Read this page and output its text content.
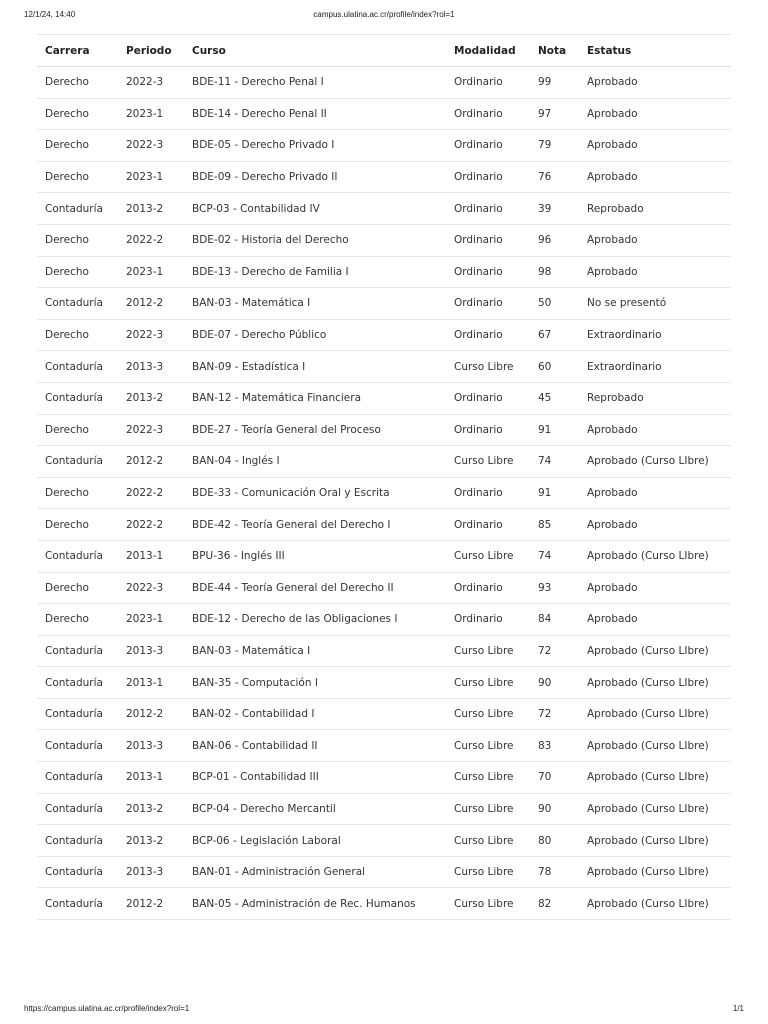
12/1/24, 14:40	campus.ulatina.ac.cr/profile/index?rol=1
Carrera	Periodo	Curso	Modalidad	Nota	Estatus
Derecho	2022-3	BDE-11 - Derecho Penal I	Ordinario	99	Aprobado
Derecho	2023-1	BDE-14 - Derecho Penal II	Ordinario	97	Aprobado
Derecho	2022-3	BDE-05 - Derecho Privado I	Ordinario	79	Aprobado
Derecho	2023-1	BDE-09 - Derecho Privado II	Ordinario	76	Aprobado
Contaduría	2013-2	BCP-03 - Contabilidad IV	Ordinario	39	Reprobado
Derecho	2022-2	BDE-02 - Historia del Derecho	Ordinario	96	Aprobado
Derecho	2023-1	BDE-13 - Derecho de Familia I	Ordinario	98	Aprobado
Contaduría	2012-2	BAN-03 - Matemática I	Ordinario	50	No se presentó
Derecho	2022-3	BDE-07 - Derecho Público	Ordinario	67	Extraordinario
Contaduría	2013-3	BAN-09 - Estadística I	Curso Libre	60	Extraordinario
Contaduría	2013-2	BAN-12 - Matemática Financiera	Ordinario	45	Reprobado
Derecho	2022-3	BDE-27 - Teoría General del Proceso	Ordinario	91	Aprobado
Contaduría	2012-2	BAN-04 - Inglés I	Curso Libre	74	Aprobado (Curso LIbre)
Derecho	2022-2	BDE-33 - Comunicación Oral y Escrita	Ordinario	91	Aprobado
Derecho	2022-2	BDE-42 - Teoría General del Derecho I	Ordinario	85	Aprobado
Contaduría	2013-1	BPU-36 - Inglés III	Curso Libre	74	Aprobado (Curso LIbre)
Derecho	2022-3	BDE-44 - Teoría General del Derecho II	Ordinario	93	Aprobado
Derecho	2023-1	BDE-12 - Derecho de las Obligaciones I	Ordinario	84	Aprobado
Contaduría	2013-3	BAN-03 - Matemática I	Curso Libre	72	Aprobado (Curso LIbre)
Contaduría	2013-1	BAN-35 - Computación I	Curso Libre	90	Aprobado (Curso LIbre)
Contaduría	2012-2	BAN-02 - Contabilidad I	Curso Libre	72	Aprobado (Curso LIbre)
Contaduría	2013-3	BAN-06 - Contabilidad II	Curso Libre	83	Aprobado (Curso LIbre)
Contaduría	2013-1	BCP-01 - Contabilidad III	Curso Libre	70	Aprobado (Curso LIbre)
Contaduría	2013-2	BCP-04 - Derecho Mercantil	Curso Libre	90	Aprobado (Curso LIbre)
Contaduría	2013-2	BCP-06 - Legislación Laboral	Curso Libre	80	Aprobado (Curso LIbre)
Contaduría	2013-3	BAN-01 - Administración General	Curso Libre	78	Aprobado (Curso LIbre)
Contaduría	2012-2	BAN-05 - Administración de Rec. Humanos	Curso Libre	82	Aprobado (Curso LIbre)
https://campus.ulatina.ac.cr/profile/index?rol=1	1/1
